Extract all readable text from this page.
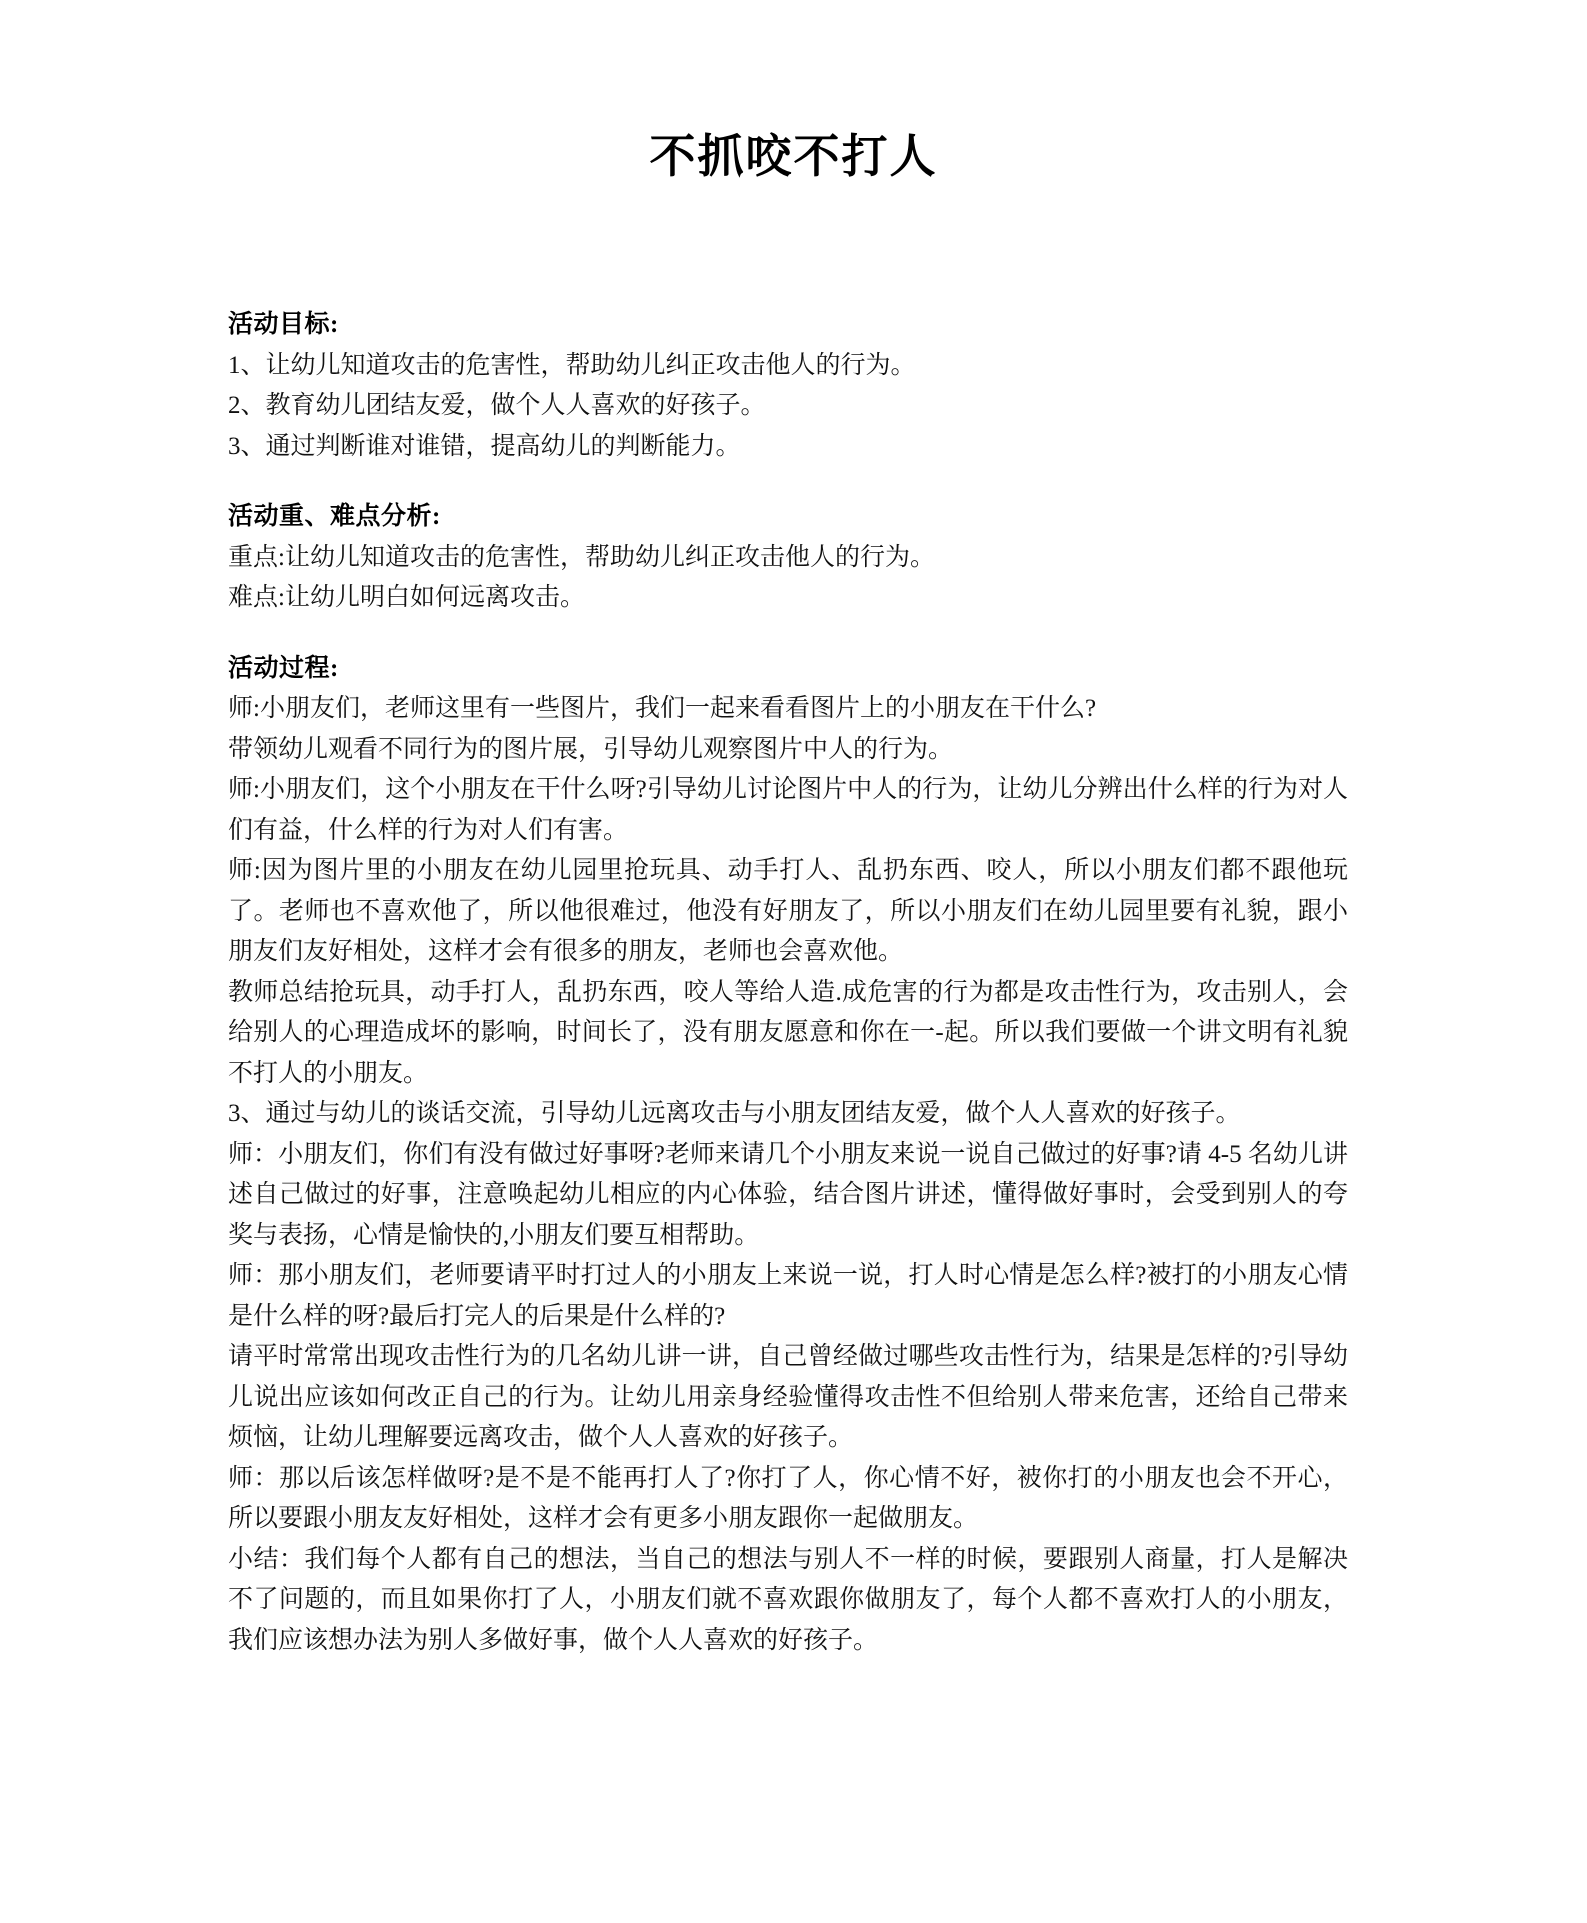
不抓咬不打人
活动目标:

1、让幼儿知道攻击的危害性，帮助幼儿纠正攻击他人的行为。

2、教育幼儿团结友爱，做个人人喜欢的好孩子。

3、通过判断谁对谁错，提高幼儿的判断能力。

活动重、难点分析:

重点:让幼儿知道攻击的危害性，帮助幼儿纠正攻击他人的行为。

难点:让幼儿明白如何远离攻击。

活动过程:

师:小朋友们，老师这里有一些图片，我们一起来看看图片上的小朋友在干什么?

带领幼儿观看不同行为的图片展，引导幼儿观察图片中人的行为。

师:小朋友们，这个小朋友在干什么呀?引导幼儿讨论图片中人的行为，让幼儿分辨出什么样的行为对人们有益，什么样的行为对人们有害。

师:因为图片里的小朋友在幼儿园里抢玩具、动手打人、乱扔东西、咬人，所以小朋友们都不跟他玩了。老师也不喜欢他了，所以他很难过，他没有好朋友了，所以小朋友们在幼儿园里要有礼貌，跟小朋友们友好相处，这样才会有很多的朋友，老师也会喜欢他。

教师总结抢玩具，动手打人，乱扔东西，咬人等给人造.成危害的行为都是攻击性行为，攻击别人，会给别人的心理造成坏的影响，时间长了，没有朋友愿意和你在一-起。所以我们要做一个讲文明有礼貌不打人的小朋友。

3、通过与幼儿的谈话交流，引导幼儿远离攻击与小朋友团结友爱，做个人人喜欢的好孩子。

师：小朋友们，你们有没有做过好事呀?老师来请几个小朋友来说一说自己做过的好事?请 4-5 名幼儿讲述自己做过的好事，注意唤起幼儿相应的内心体验，结合图片讲述，懂得做好事时，会受到别人的夸奖与表扬，心情是愉快的,小朋友们要互相帮助。

师：那小朋友们，老师要请平时打过人的小朋友上来说一说，打人时心情是怎么样?被打的小朋友心情是什么样的呀?最后打完人的后果是什么样的?

请平时常常出现攻击性行为的几名幼儿讲一讲，自己曾经做过哪些攻击性行为，结果是怎样的?引导幼儿说出应该如何改正自己的行为。让幼儿用亲身经验懂得攻击性不但给别人带来危害，还给自己带来烦恼，让幼儿理解要远离攻击，做个人人喜欢的好孩子。

师：那以后该怎样做呀?是不是不能再打人了?你打了人，你心情不好，被你打的小朋友也会不开心，所以要跟小朋友友好相处，这样才会有更多小朋友跟你一起做朋友。

小结：我们每个人都有自己的想法，当自己的想法与别人不一样的时候，要跟别人商量，打人是解决不了问题的，而且如果你打了人，小朋友们就不喜欢跟你做朋友了，每个人都不喜欢打人的小朋友，我们应该想办法为别人多做好事，做个人人喜欢的好孩子。
